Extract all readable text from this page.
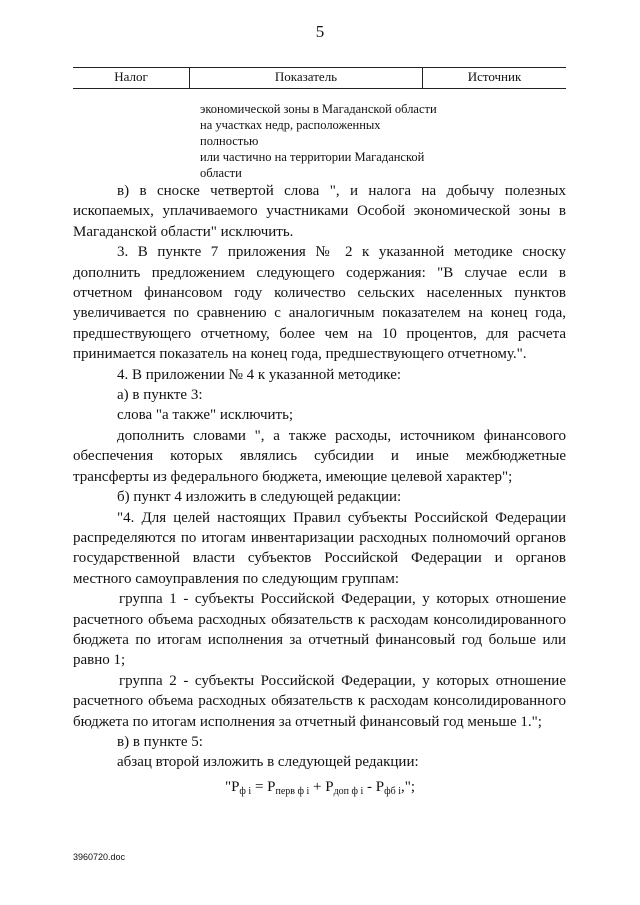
5
Налог	Показатель	Источник
экономической зоны в Магаданской области
на участках недр, расположенных полностью
или частично на территории Магаданской
области

в) в сноске четвертой слова ", и налога на добычу полезных ископаемых, уплачиваемого участниками Особой экономической зоны в Магаданской области" исключить.

3. В пункте 7 приложения № 2 к указанной методике сноску дополнить предложением следующего содержания: "В случае если в отчетном финансовом году количество сельских населенных пунктов увеличивается по сравнению с аналогичным показателем на конец года, предшествующего отчетному, более чем на 10 процентов, для расчета принимается показатель на конец года, предшествующего отчетному.".

4. В приложении № 4 к указанной методике:

а) в пункте 3:

слова "а также" исключить;

дополнить словами ", а также расходы, источником финансового обеспечения которых являлись субсидии и иные межбюджетные трансферты из федерального бюджета, имеющие целевой характер";

б) пункт 4 изложить в следующей редакции:

"4. Для целей настоящих Правил субъекты Российской Федерации распределяются по итогам инвентаризации расходных полномочий органов государственной власти субъектов Российской Федерации и органов местного самоуправления по следующим группам:

группа 1 - субъекты Российской Федерации, у которых отношение расчетного объема расходных обязательств к расходам консолидированного бюджета по итогам исполнения за отчетный финансовый год больше или равно 1;

группа 2 - субъекты Российской Федерации, у которых отношение расчетного объема расходных обязательств к расходам консолидированного бюджета по итогам исполнения за отчетный финансовый год меньше 1.";

в) в пункте 5:

абзац второй изложить в следующей редакции:

"$Р_{ф i} = Р_{перв ф i} + Р_{доп ф i} - Р_{фб i}$,";
3960720.doc
